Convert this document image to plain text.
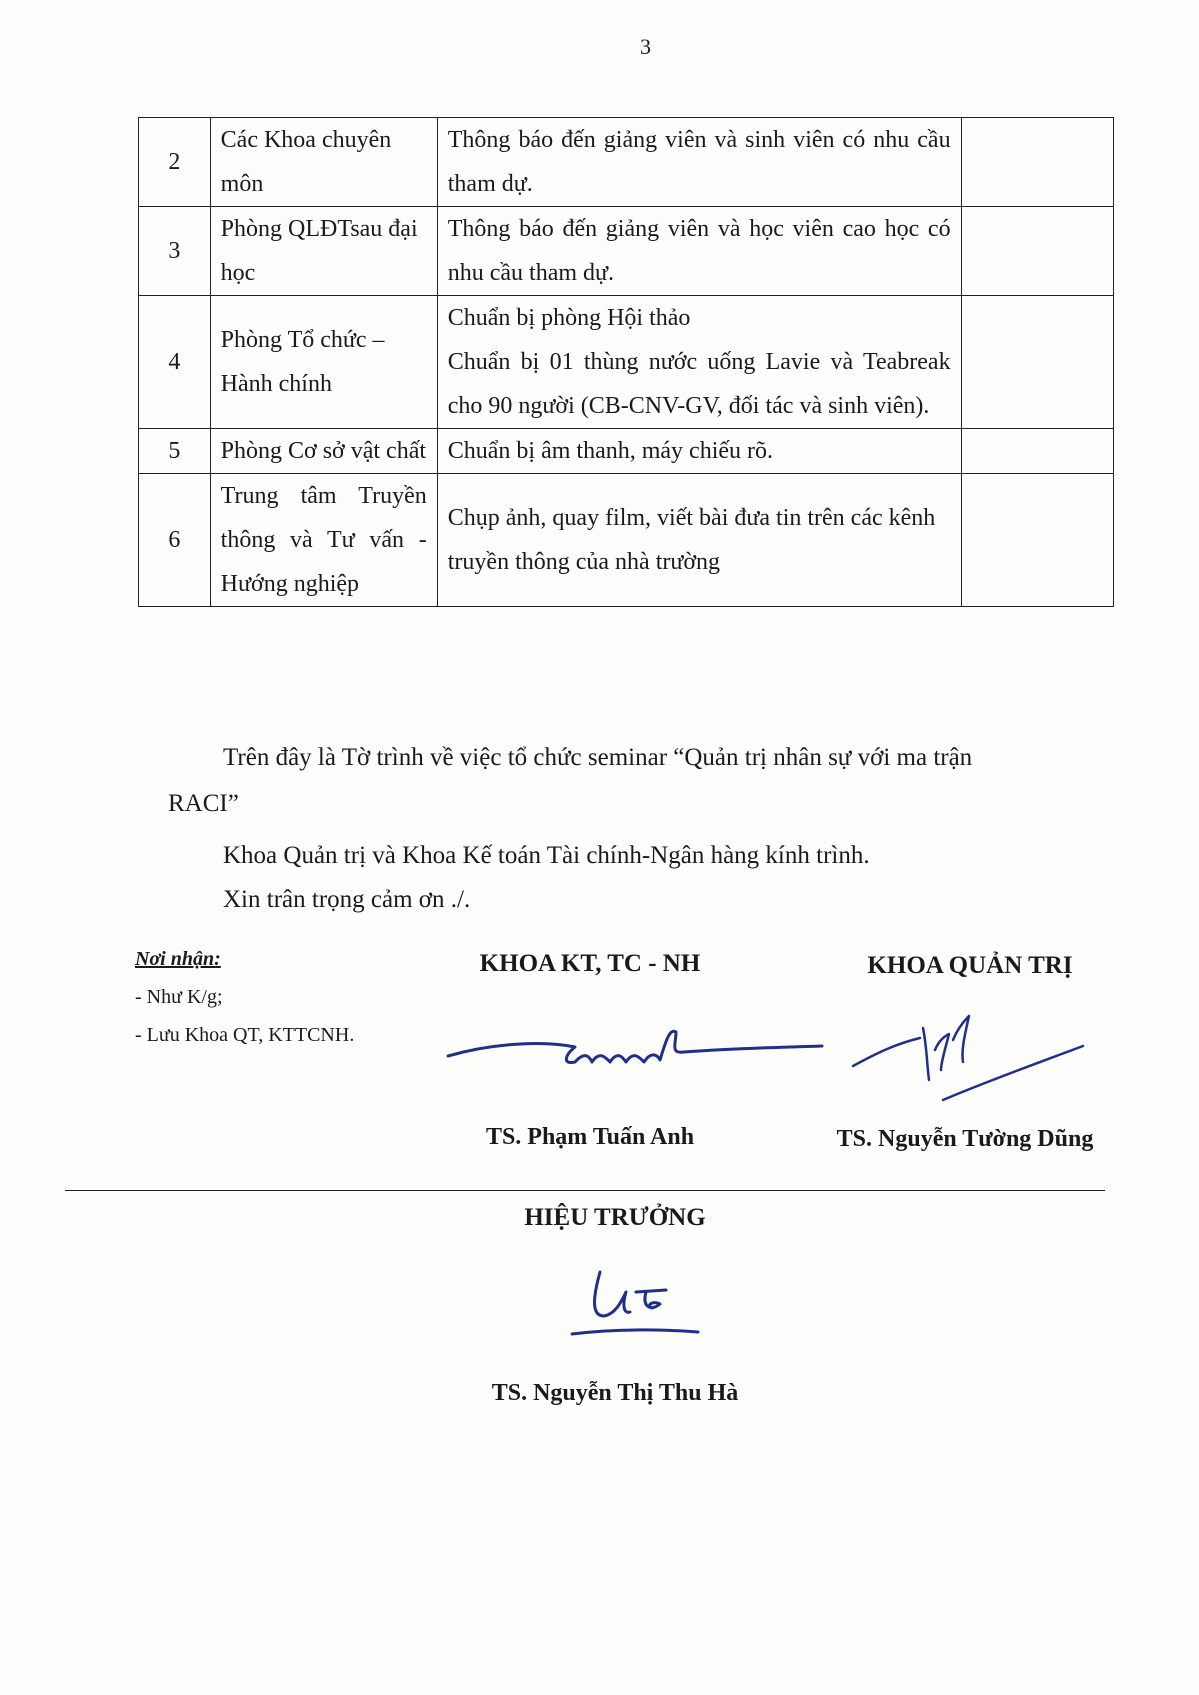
3
2	Các Khoa chuyên môn	Thông báo đến giảng viên và sinh viên có nhu cầu tham dự.	
3	Phòng QLĐTsau đại học	Thông báo đến giảng viên và học viên cao học có nhu cầu tham dự.	
4	Phòng Tổ chức – Hành chính	Chuẩn bị phòng Hội thảo
Chuẩn bị 01 thùng nước uống Lavie và Teabreak cho 90 người (CB-CNV-GV, đối tác và sinh viên).	

5	Phòng Cơ sở vật chất	Chuẩn bị âm thanh, máy chiếu rõ.	
6	Trung tâm Truyền thông và Tư vấn - Hướng nghiệp	Chụp ảnh, quay film, viết bài đưa tin trên các kênh truyền thông của nhà trường	
Trên đây là Tờ trình về việc tổ chức seminar “Quản trị nhân sự với ma trận
RACI”
Khoa Quản trị và Khoa Kế toán Tài chính-Ngân hàng kính trình.
Xin trân trọng cảm ơn ./.
Nơi nhận:
- Như K/g;
- Lưu Khoa QT, KTTCNH.
KHOA KT, TC - NH	KHOA QUẢN TRỊ
TS. Phạm Tuấn Anh	TS. Nguyễn Tường Dũng
HIỆU TRƯỞNG
TS. Nguyễn Thị Thu Hà
